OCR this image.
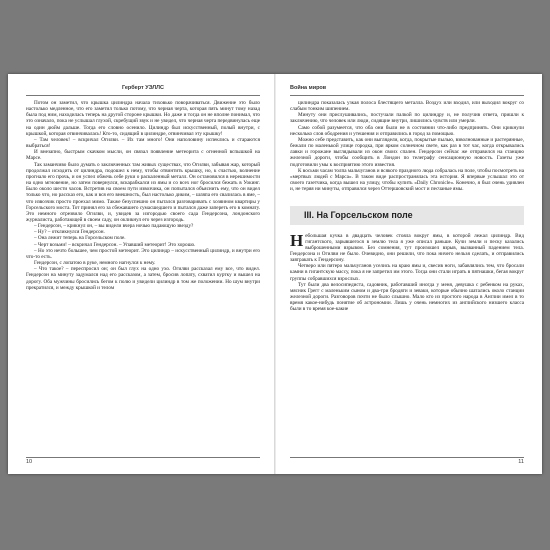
Герберт УЭЛЛС

Потом он заметил, что крышка цилиндра начала тиховько поворачиваться. Движение это было настолько медленное, что его заметил только потому, что черная черта, которая пять минут тому назад была под ним, находилась теперь на другой стороне крышки. Но даже и тогда он не вполне понимал, что это означало, пока не услышал глухой, скребущий звук и не увидел, что черная черта передвинулась еще на один дюйм дальше. Тогда его словно осенило. Цилиндр был искусственный, полый внутри, с крышкой, которая отвинчивалась! Кто-то, сидящий в цилиндре, отвинчивал эту крышку!

– Там человек! – вскричал Огилви. – Их там много! Они наполовину испеклись и стараются выбраться!

И внезапно, быстрым скачком мысли, он связал появление метеорита с огненной вспышкой на Марсе.

Так заманчиво было думать о заключенных там живых существах, что Огилви, забывая жар, который продолжал исходить от цилиндра, подошел к нему, чтобы отвинтить крышку, но, к счастью, волнение прогнало его прочь, и он успел обжечь себе руки о раскаленный металл. Он остановился в нерешимости на одно мгновение, но затем повернулся, вскарабкался из ямы и со всех ног бросился бежать в Уокинг. Было около шести часов. Встретив на своем пути извозчика, он попытался объяснить ему, что он видел только что, но рассказ его, как и вся его внешность, был настолько диким, – шляпа его свалилась в яме, – что извозчик просто проехал мимо. Также безуспешно он пытался разговаривать с хозяином квартиры у Горсельского моста. Тот принял его за сбежавшего сумасшедшего и пытался даже запереть его в комнату. Это немного отрезвило Огилви, и, увидев за изгородью своего сада Гендерсона, лондонского журналиста, работающей в своем саду, он окликнул его через изгородь.

– Гендерсон, – крикнул он, – вы видели вчера ночью падающую звезду?

– Ну? – откликнулся Гендерсон.

– Она лежит теперь на Горсельском поле.

– Черт возьми! – вскричал Гендерсон. – Упавший метеорит! Это хорошо.

– Но это нечто большее, чем простой метеорит. Это цилиндр – искусственный цилиндр, и внутри его что-то есть.

Гендерсон, с лопатою в руке, немного нагнулся к нему.

– Что такое? – переспросил он; он был глух на одно ухо. Огилви рассказал ему все, что видел. Гендерсон на минуту задумался над его рассказом, а затем, бросив лопату, схватил куртку и вышел на дорогу. Оба мужчины бросились бегом к полю и увидели цилиндр в том же положении. Но шум внутри прекратился, и между крышкой и телом

10
Война миров

цилиндра показалась узкая полоса блестящего металла. Воздух или входил, или выходил вокруг со слабым тонким шипением.

Минуту они прислушивались, постучали палкой по цилиндру и, не получив ответа, пришли к заключению, что человек или люди, сидящие внутри, лишились чувств или умерли.

Само собой разумеется, что оба они были не в состоянии что-либо предпринять. Они крикнули несколько слов ободрения и утешения и отправились в город за помощью.

Можно себе представить, как они выглядели, когда, покрытые пылью, взволнованные и растерянные, бежали по маленькой улице городка, при ярком солнечном свете, как раз в тот час, когда открывались лавки и горожане выглядывали из окон своих спален. Гендерсон сейчас же отправился на станцию железной дороги, чтобы сообщить в Лондон по телеграфу сенсационную новость. Газеты уже подготовили умы к восприятию этого известия.

К восьми часам толпа мальчуганов и всякого праздного люда собралась на поле, чтобы посмотреть на «мертвых людей с Марса». В таком виде распространялась эта история. Я впервые услышал это от своего газетчика, когда вышел на улицу, чтобы купить «Daily Chronicle». Конечно, я был очень удивлен и, не теряя ни минуты, отправился через Оттершовский мост и песчаные ямы.

III. На Горсельском поле

Небольшая кучка в двадцать человек стояла вокруг ямы, в которой лежал цилиндр. Вид гигантского, зарывшегося в землю тела я уже описал раньше. Кучи земли и песку казались выброшенными взрывом. Без сомнения, тут произошел взрыв, вызванный падением тела. Гендерсона и Огилви не было. Очевидно, они решили, что пока ничего нельзя сделать, и отправились завтракать к Гендерсону.

Четверо или пятеро мальчуганов уселись на краю ямы и, свесив ноги, забавлялись тем, что бросали камни в гигантскую массу, пока я не запретил им этого. Тогда они стали играть в пятнашки, бегая вокруг группы собравшихся взрослых.

Тут были два велосипедиста, садовник, работавший иногда у меня, девушка с ребенком на руках, мясник Грегг с маленьким сыном и два-три бродяги и зеваки, которые обычно шатались около станции железной дороги. Разговоров почти не было слышно. Мало кто из простого народа в Англии имел в то время какое-нибудь понятие об астрономии. Лишь у очень немногих из английского низшего класса были в то время кое-какие

11
